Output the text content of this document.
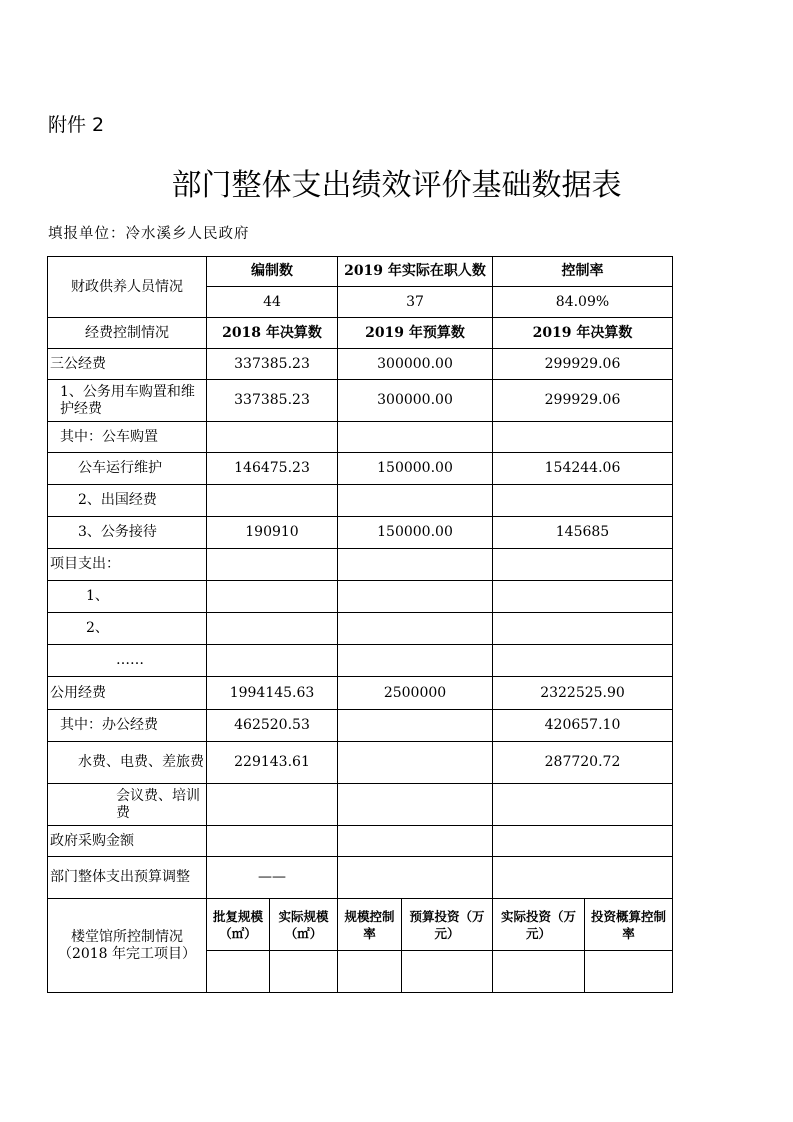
附件 2
部门整体支出绩效评价基础数据表
填报单位：冷水溪乡人民政府
财政供养人员情况	编制数		2019 年实际在职人数		控制率	
	44		37		84.09%	
经费控制情况	2018 年决算数		2019 年预算数		2019 年决算数	
三公经费	337385.23		300000.00		299929.06	
1、公务用车购置和维护经费	337385.23		300000.00		299929.06	
其中：公车购置						
公车运行维护	146475.23		150000.00		154244.06	
2、出国经费						
3、公务接待	190910		150000.00		145685	
项目支出：						
1、						
2、						
……						
公用经费	1994145.63		2500000		2322525.90	
其中：办公经费	462520.53				420657.10	
水费、电费、差旅费	229143.61				287720.72	
会议费、培训费						
政府采购金额						
部门整体支出预算调整	——					

楼堂馆所控制情况
（2018 年完工项目）	批复规模（㎡）	实际规模（㎡）	规模控制率	预算投资（万元）	实际投资（万元）	投资概算控制率
